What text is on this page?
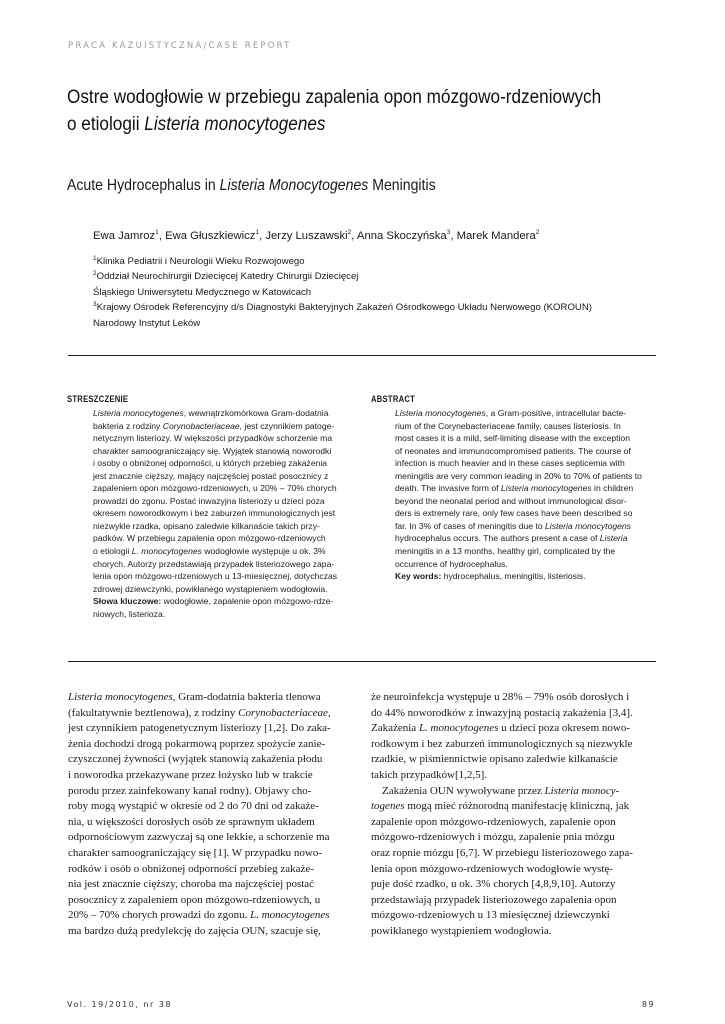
PRACA KAZUISTYCZNA/CASE REPORT
Ostre wodogłowie w przebiegu zapalenia opon mózgowo-rdzeniowych
o etiologii Listeria monocytogenes
Acute Hydrocephalus in Listeria Monocytogenes Meningitis
Ewa Jamroz$^1$, Ewa Głuszkiewicz$^1$, Jerzy Luszawski$^2$, Anna Skoczyńska$^3$, Marek Mandera$^2$
$^1$Klinika Pediatrii i Neurologii Wieku Rozwojowego
$^2$Oddział Neurochirurgii Dziecięcej Katedry Chirurgii Dziecięcej
Śląskiego Uniwersytetu Medycznego w Katowicach
$^3$Krajowy Ośrodek Referencyjny d/s Diagnostyki Bakteryjnych Zakażeń Ośrodkowego Układu Nerwowego (KOROUN)
Narodowy Instytut Leków
STRESZCZENIE
Listeria monocytogenes, wewnątrzkomórkowa Gram-dodatnia
bakteria z rodziny Corynobacteriaceae, jest czynnikiem patoge-
netycznym listeriozy. W większości przypadków schorzenie ma
charakter samoograniczający się. Wyjątek stanowią noworodki
i osoby o obniżonej odporności, u których przebieg zakażenia
jest znacznie cięższy, mający najczęściej postać posocznicy z
zapaleniem opon mózgowo-rdzeniowych, u 20% – 70% chorych
prowadzi do zgonu. Postać inwazyjna listeriozy u dzieci poza
okresem noworodkowym i bez zaburzeń immunologicznych jest
niezwykle rzadka, opisano zaledwie kilkanaście takich przy-
padków. W przebiegu zapalenia opon mózgowo-rdzeniowych
o etiologii L. monocytogenes wodogłowie występuje u ok. 3%
chorych. Autorzy przedstawiają przypadek listeriozowego zapa-
lenia opon mózgowo-rdzeniowych u 13-miesięcznej, dotychczas
zdrowej dziewczynki, powikłanego wystąpieniem wodogłowia.
Słowa kluczowe: wodogłowie, zapalenie opon mózgowo-rdze-
niowych, listerioza.
ABSTRACT
Listeria monocytogenes, a Gram-positive, intracellular bacte-
rium of the Corynebacteriaceae family, causes listeriosis. In
most cases it is a mild, self-limiting disease with the exception
of neonates and immunocompromised patients. The course of
infection is much heavier and in these cases septicemia with
meningitis are very common leading in 20% to 70% of patients to
death. The invasive form of Listeria monocytogenes in children
beyond the neonatal period and without immunological disor-
ders is extremely rare, only few cases have been described so
far. In 3% of cases of meningitis due to Listeria monocytogens
hydrocephalus occurs. The authors present a case of Listeria
meningitis in a 13 months, healthy girl, complicated by the
occurrence of hydrocephalus.
Key words: hydrocephalus, meningitis, listeriosis.
Listeria monocytogenes, Gram-dodatnia bakteria tlenowa
(fakultatywnie beztlenowa), z rodziny Corynobacteriaceae,
jest czynnikiem patogenetycznym listeriozy [1,2]. Do zaka-
żenia dochodzi drogą pokarmową poprzez spożycie zanie-
czyszczonej żywności (wyjątek stanowią zakażenia płodu
i noworodka przekazywane przez łożysko lub w trakcie
porodu przez zainfekowany kanał rodny). Objawy cho-
roby mogą wystąpić w okresie od 2 do 70 dni od zakaże-
nia, u większości dorosłych osób ze sprawnym układem
odpornościowym zazwyczaj są one lekkie, a schorzenie ma
charakter samoograniczający się [1]. W przypadku nowo-
rodków i osób o obniżonej odporności przebieg zakaże-
nia jest znacznie cięższy, choroba ma najczęściej postać
posocznicy z zapaleniem opon mózgowo-rdzeniowych, u
20% – 70% chorych prowadzi do zgonu. L. monocytogenes
ma bardzo dużą predylekcję do zajęcia OUN, szacuje się,
że neuroinfekcja występuje u 28% – 79% osób dorosłych i
do 44% noworodków z inwazyjną postacią zakażenia [3,4].
Zakażenia L. monocytogenes u dzieci poza okresem nowo-
rodkowym i bez zaburzeń immunologicznych są niezwykle
rzadkie, w piśmiennictwie opisano zaledwie kilkanaście
takich przypadków[1,2,5].
Zakażenia OUN wywoływane przez Listeria monocy-
togenes mogą mieć różnorodną manifestację kliniczną, jak
zapalenie opon mózgowo-rdzeniowych, zapalenie opon
mózgowo-rdzeniowych i mózgu, zapalenie pnia mózgu
oraz ropnie mózgu [6,7]. W przebiegu listeriozowego zapa-
lenia opon mózgowo-rdzeniowych wodogłowie wystę-
puje dość rzadko, u ok. 3% chorych [4,8,9,10]. Autorzy
przedstawiają przypadek listeriozowego zapalenia opon
mózgowo-rdzeniowych u 13 miesięcznej dziewczynki
powikłanego wystąpieniem wodogłowia.
Vol. 19/2010, nr 38	89
